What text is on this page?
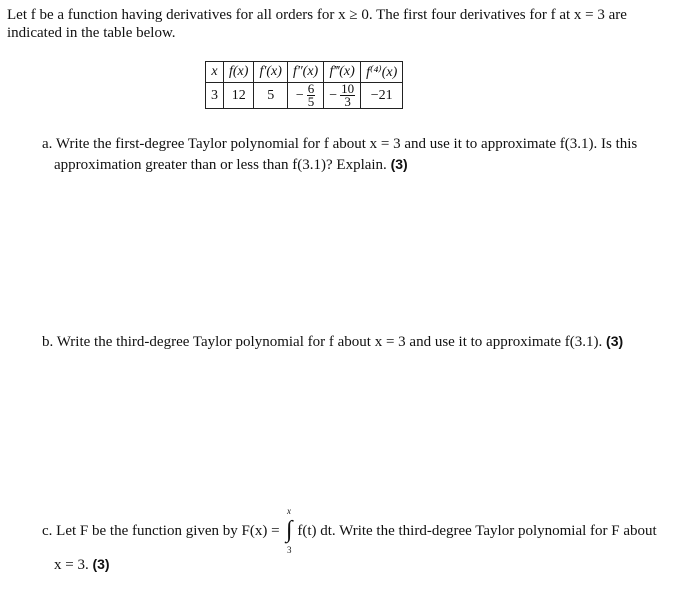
Let f be a function having derivatives for all orders for x ≥ 0. The first four derivatives for f at x = 3 are
indicated in the table below.
x	f(x)	f′(x)	f″(x)	f‴(x)	f⁽⁴⁾(x)
3	12	5	− $\frac{6}{5}$	− $\frac{10}{3}$	−21
a. Write the first-degree Taylor polynomial for f about x = 3 and use it to approximate f(3.1). Is this
approximation greater than or less than f(3.1)? Explain. (3)
b. Write the third-degree Taylor polynomial for f about x = 3 and use it to approximate f(3.1). (3)
c. Let F be the function given by F(x) = f(t) dt. Write the third-degree Taylor polynomial for F about
∫
x
3
x = 3. (3)
